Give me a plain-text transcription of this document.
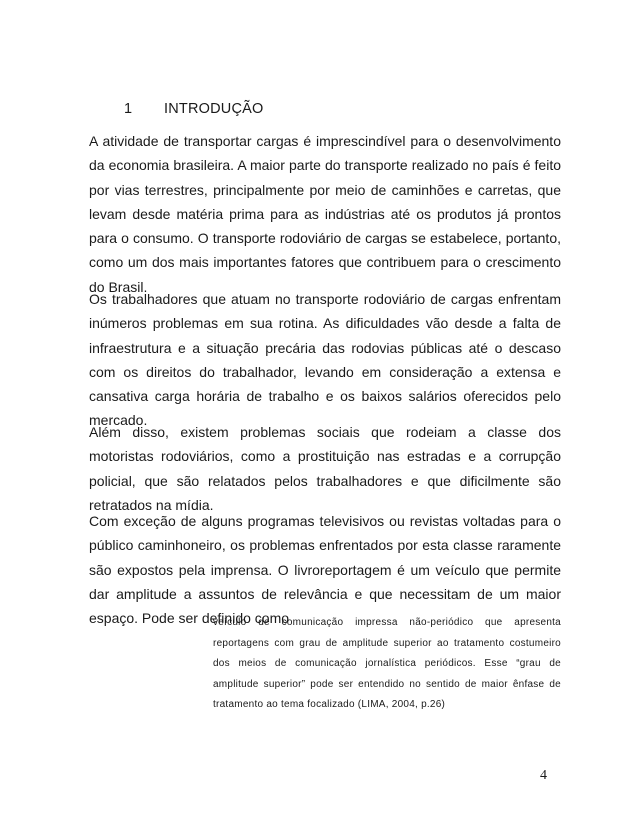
1 INTRODUÇÃO

A atividade de transportar cargas é imprescindível para o desenvolvimento da economia brasileira. A maior parte do transporte realizado no país é feito por vias terrestres, principalmente por meio de caminhões e carretas, que levam desde matéria prima para as indústrias até os produtos já prontos para o consumo. O transporte rodoviário de cargas se estabelece, portanto, como um dos mais importantes fatores que contribuem para o crescimento do Brasil.

Os trabalhadores que atuam no transporte rodoviário de cargas enfrentam inúmeros problemas em sua rotina. As dificuldades vão desde a falta de infraestrutura e a situação precária das rodovias públicas até o descaso com os direitos do trabalhador, levando em consideração a extensa e cansativa carga horária de trabalho e os baixos salários oferecidos pelo mercado.

Além disso, existem problemas sociais que rodeiam a classe dos motoristas rodoviários, como a prostituição nas estradas e a corrupção policial, que são relatados pelos trabalhadores e que dificilmente são retratados na mídia.

Com exceção de alguns programas televisivos ou revistas voltadas para o público caminhoneiro, os problemas enfrentados por esta classe raramente são expostos pela imprensa. O livroreportagem é um veículo que permite dar amplitude a assuntos de relevância e que necessitam de um maior espaço. Pode ser definido como

veículo de comunicação impressa não-periódico que apresenta reportagens com grau de amplitude superior ao tratamento costumeiro dos meios de comunicação jornalística periódicos. Esse “grau de amplitude superior” pode ser entendido no sentido de maior ênfase de tratamento ao tema focalizado (LIMA, 2004, p.26)

4
